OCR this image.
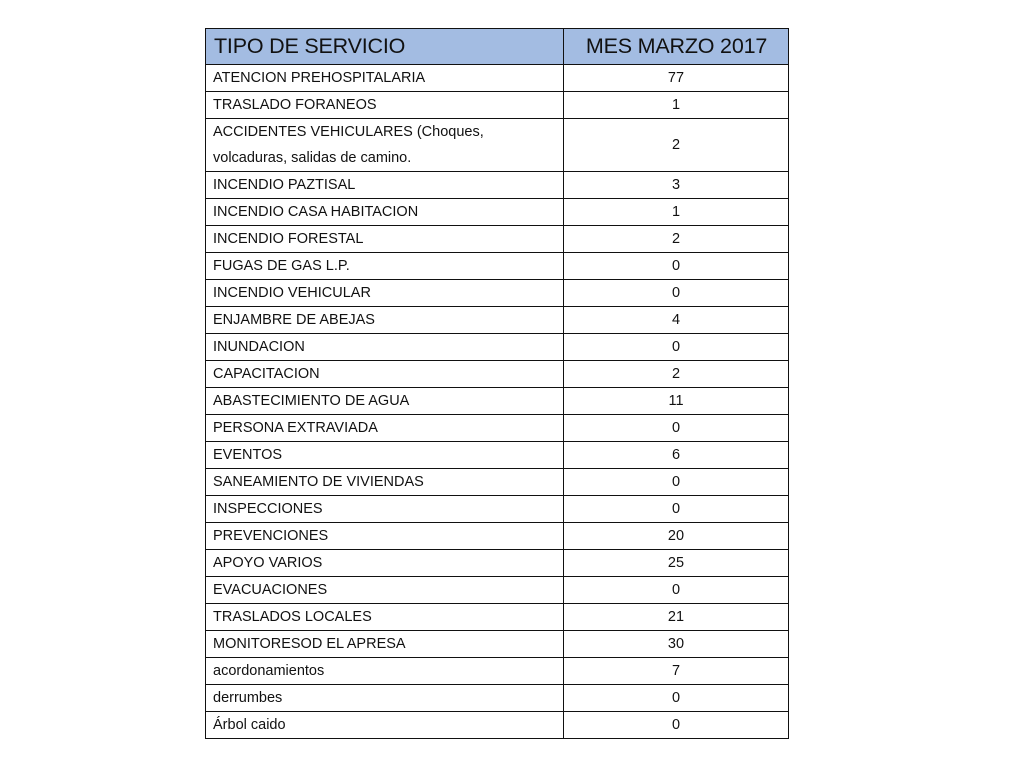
TIPO DE SERVICIO	MES MARZO 2017
ATENCION PREHOSPITALARIA	77
TRASLADO FORANEOS	1
ACCIDENTES VEHICULARES (Choques, volcaduras, salidas de camino.	2
INCENDIO PAZTISAL	3
INCENDIO CASA HABITACION	1
INCENDIO FORESTAL	2
FUGAS DE GAS L.P.	0
INCENDIO VEHICULAR	0
ENJAMBRE DE ABEJAS	4
INUNDACION	0
CAPACITACION	2
ABASTECIMIENTO DE AGUA	11
PERSONA EXTRAVIADA	0
EVENTOS	6
SANEAMIENTO DE VIVIENDAS	0
INSPECCIONES	0
PREVENCIONES	20
APOYO VARIOS	25
EVACUACIONES	0
TRASLADOS LOCALES	21
MONITORESOD EL APRESA	30
acordonamientos	7
derrumbes	0
Árbol caido	0
